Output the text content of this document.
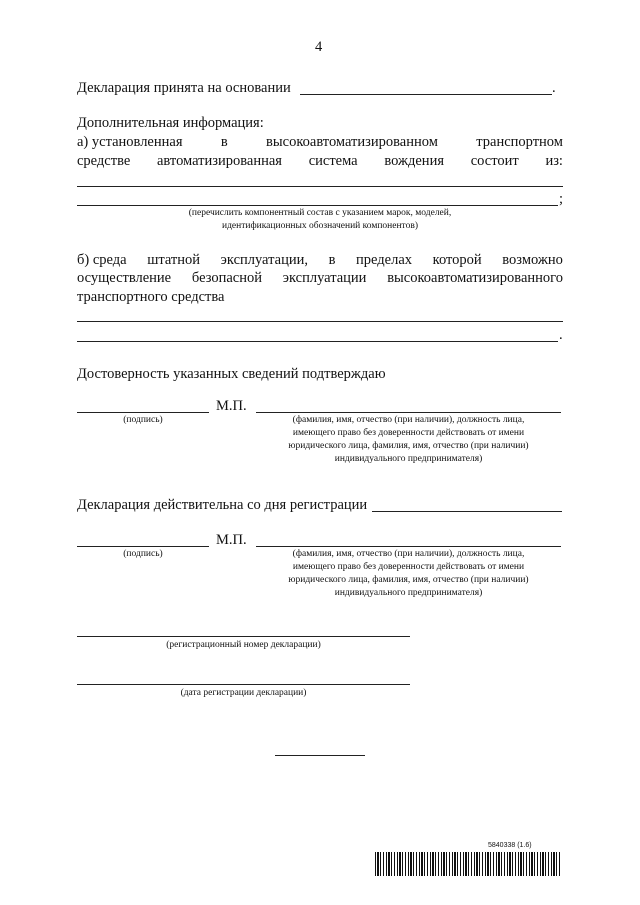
4
Декларация принята на основании	.
Дополнительная информация:
а) установленная	в	высокоавтоматизированном	транспортном
средстве автоматизированная система вождения состоит из:
;
(перечислить компонентный состав с указанием марок, моделей,
идентификационных обозначений компонентов)
б) среда штатной эксплуатации, в пределах которой возможно
осуществление безопасной эксплуатации высокоавтоматизированного
транспортного средства
.
Достоверность указанных сведений подтверждаю
М.П.
(подпись)	(фамилия, имя, отчество (при наличии), должность лица,
имеющего право без доверенности действовать от имени
юридического лица, фамилия, имя, отчество (при наличии)
индивидуального предпринимателя)
Декларация действительна со дня регистрации
М.П.
(подпись)	(фамилия, имя, отчество (при наличии), должность лица,
имеющего право без доверенности действовать от имени
юридического лица, фамилия, имя, отчество (при наличии)
индивидуального предпринимателя)
(регистрационный номер декларации)
(дата регистрации декларации)
5840338 (1.6)
